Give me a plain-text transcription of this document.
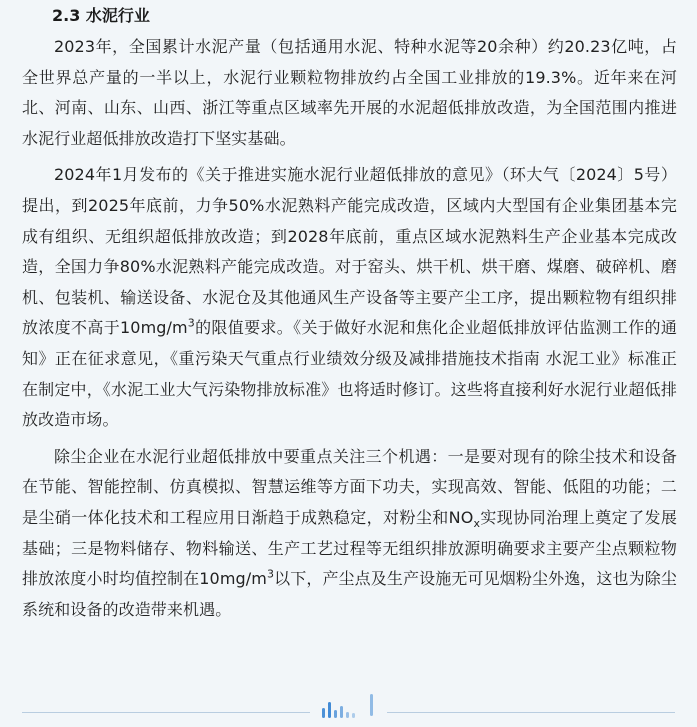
2.3 水泥行业

2023年，全国累计水泥产量（包括通用水泥、特种水泥等20余种）约20.23亿吨，占全世界总产量的一半以上，水泥行业颗粒物排放约占全国工业排放的19.3%。近年来在河北、河南、山东、山西、浙江等重点区域率先开展的水泥超低排放改造，为全国范围内推进水泥行业超低排放改造打下坚实基础。

2024年1月发布的《关于推进实施水泥行业超低排放的意见》（环大气〔2024〕5号）提出，到2025年底前，力争50%水泥熟料产能完成改造，区域内大型国有企业集团基本完成有组织、无组织超低排放改造；到2028年底前，重点区域水泥熟料生产企业基本完成改造，全国力争80%水泥熟料产能完成改造。对于窑头、烘干机、烘干磨、煤磨、破碎机、磨机、包装机、输送设备、水泥仓及其他通风生产设备等主要产尘工序，提出颗粒物有组织排放浓度不高于$10mg/m^3$的限值要求。《关于做好水泥和焦化企业超低排放评估监测工作的通知》正在征求意见，《重污染天气重点行业绩效分级及减排措施技术指南 水泥工业》标准正在制定中，《水泥工业大气污染物排放标准》也将适时修订。这些将直接利好水泥行业超低排放改造市场。

除尘企业在水泥行业超低排放中要重点关注三个机遇：一是要对现有的除尘技术和设备在节能、智能控制、仿真模拟、智慧运维等方面下功夫，实现高效、智能、低阻的功能；二是尘硝一体化技术和工程应用日渐趋于成熟稳定，对粉尘和$NO_x$实现协同治理上奠定了发展基础；三是物料储存、物料输送、生产工艺过程等无组织排放源明确要求主要产尘点颗粒物排放浓度小时均值控制在$10mg/m^3$以下，产尘点及生产设施无可见烟粉尘外逸，这也为除尘系统和设备的改造带来机遇。
